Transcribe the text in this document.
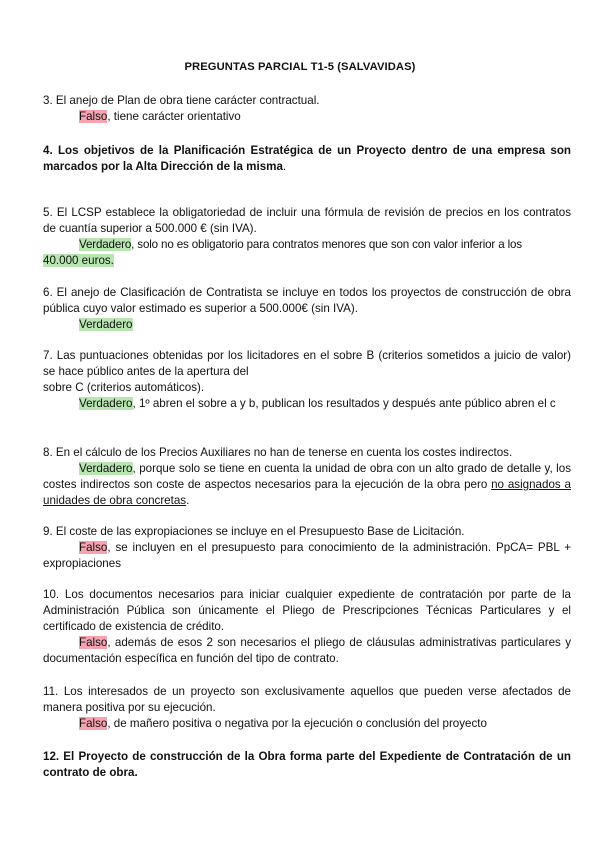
PREGUNTAS PARCIAL T1-5 (SALVAVIDAS)
3. El anejo de Plan de obra tiene carácter contractual.
Falso, tiene carácter orientativo
4. Los objetivos de la Planificación Estratégica de un Proyecto dentro de una empresa son marcados por la Alta Dirección de la misma.
5. El LCSP establece la obligatoriedad de incluir una fórmula de revisión de precios en los contratos de cuantía superior a 500.000 € (sin IVA).
Verdadero, solo no es obligatorio para contratos menores que son con valor inferior a los
40.000 euros.
6. El anejo de Clasificación de Contratista se incluye en todos los proyectos de construcción de obra pública cuyo valor estimado es superior a 500.000€ (sin IVA).
Verdadero
7. Las puntuaciones obtenidas por los licitadores en el sobre B (criterios sometidos a juicio de valor) se hace público antes de la apertura del
sobre C (criterios automáticos).
Verdadero, 1º abren el sobre a y b, publican los resultados y después ante público abren el c
8. En el cálculo de los Precios Auxiliares no han de tenerse en cuenta los costes indirectos.
Verdadero, porque solo se tiene en cuenta la unidad de obra con un alto grado de detalle y, los costes indirectos son coste de aspectos necesarios para la ejecución de la obra pero no asignados a unidades de obra concretas.
9. El coste de las expropiaciones se incluye en el Presupuesto Base de Licitación.
Falso, se incluyen en el presupuesto para conocimiento de la administración. PpCA= PBL + expropiaciones
10. Los documentos necesarios para iniciar cualquier expediente de contratación por parte de la Administración Pública son únicamente el Pliego de Prescripciones Técnicas Particulares y el certificado de existencia de crédito.
Falso, además de esos 2 son necesarios el pliego de cláusulas administrativas particulares y documentación específica en función del tipo de contrato.
11. Los interesados de un proyecto son exclusivamente aquellos que pueden verse afectados de manera positiva por su ejecución.
Falso, de mañero positiva o negativa por la ejecución o conclusión del proyecto
12. El Proyecto de construcción de la Obra forma parte del Expediente de Contratación de un contrato de obra.
